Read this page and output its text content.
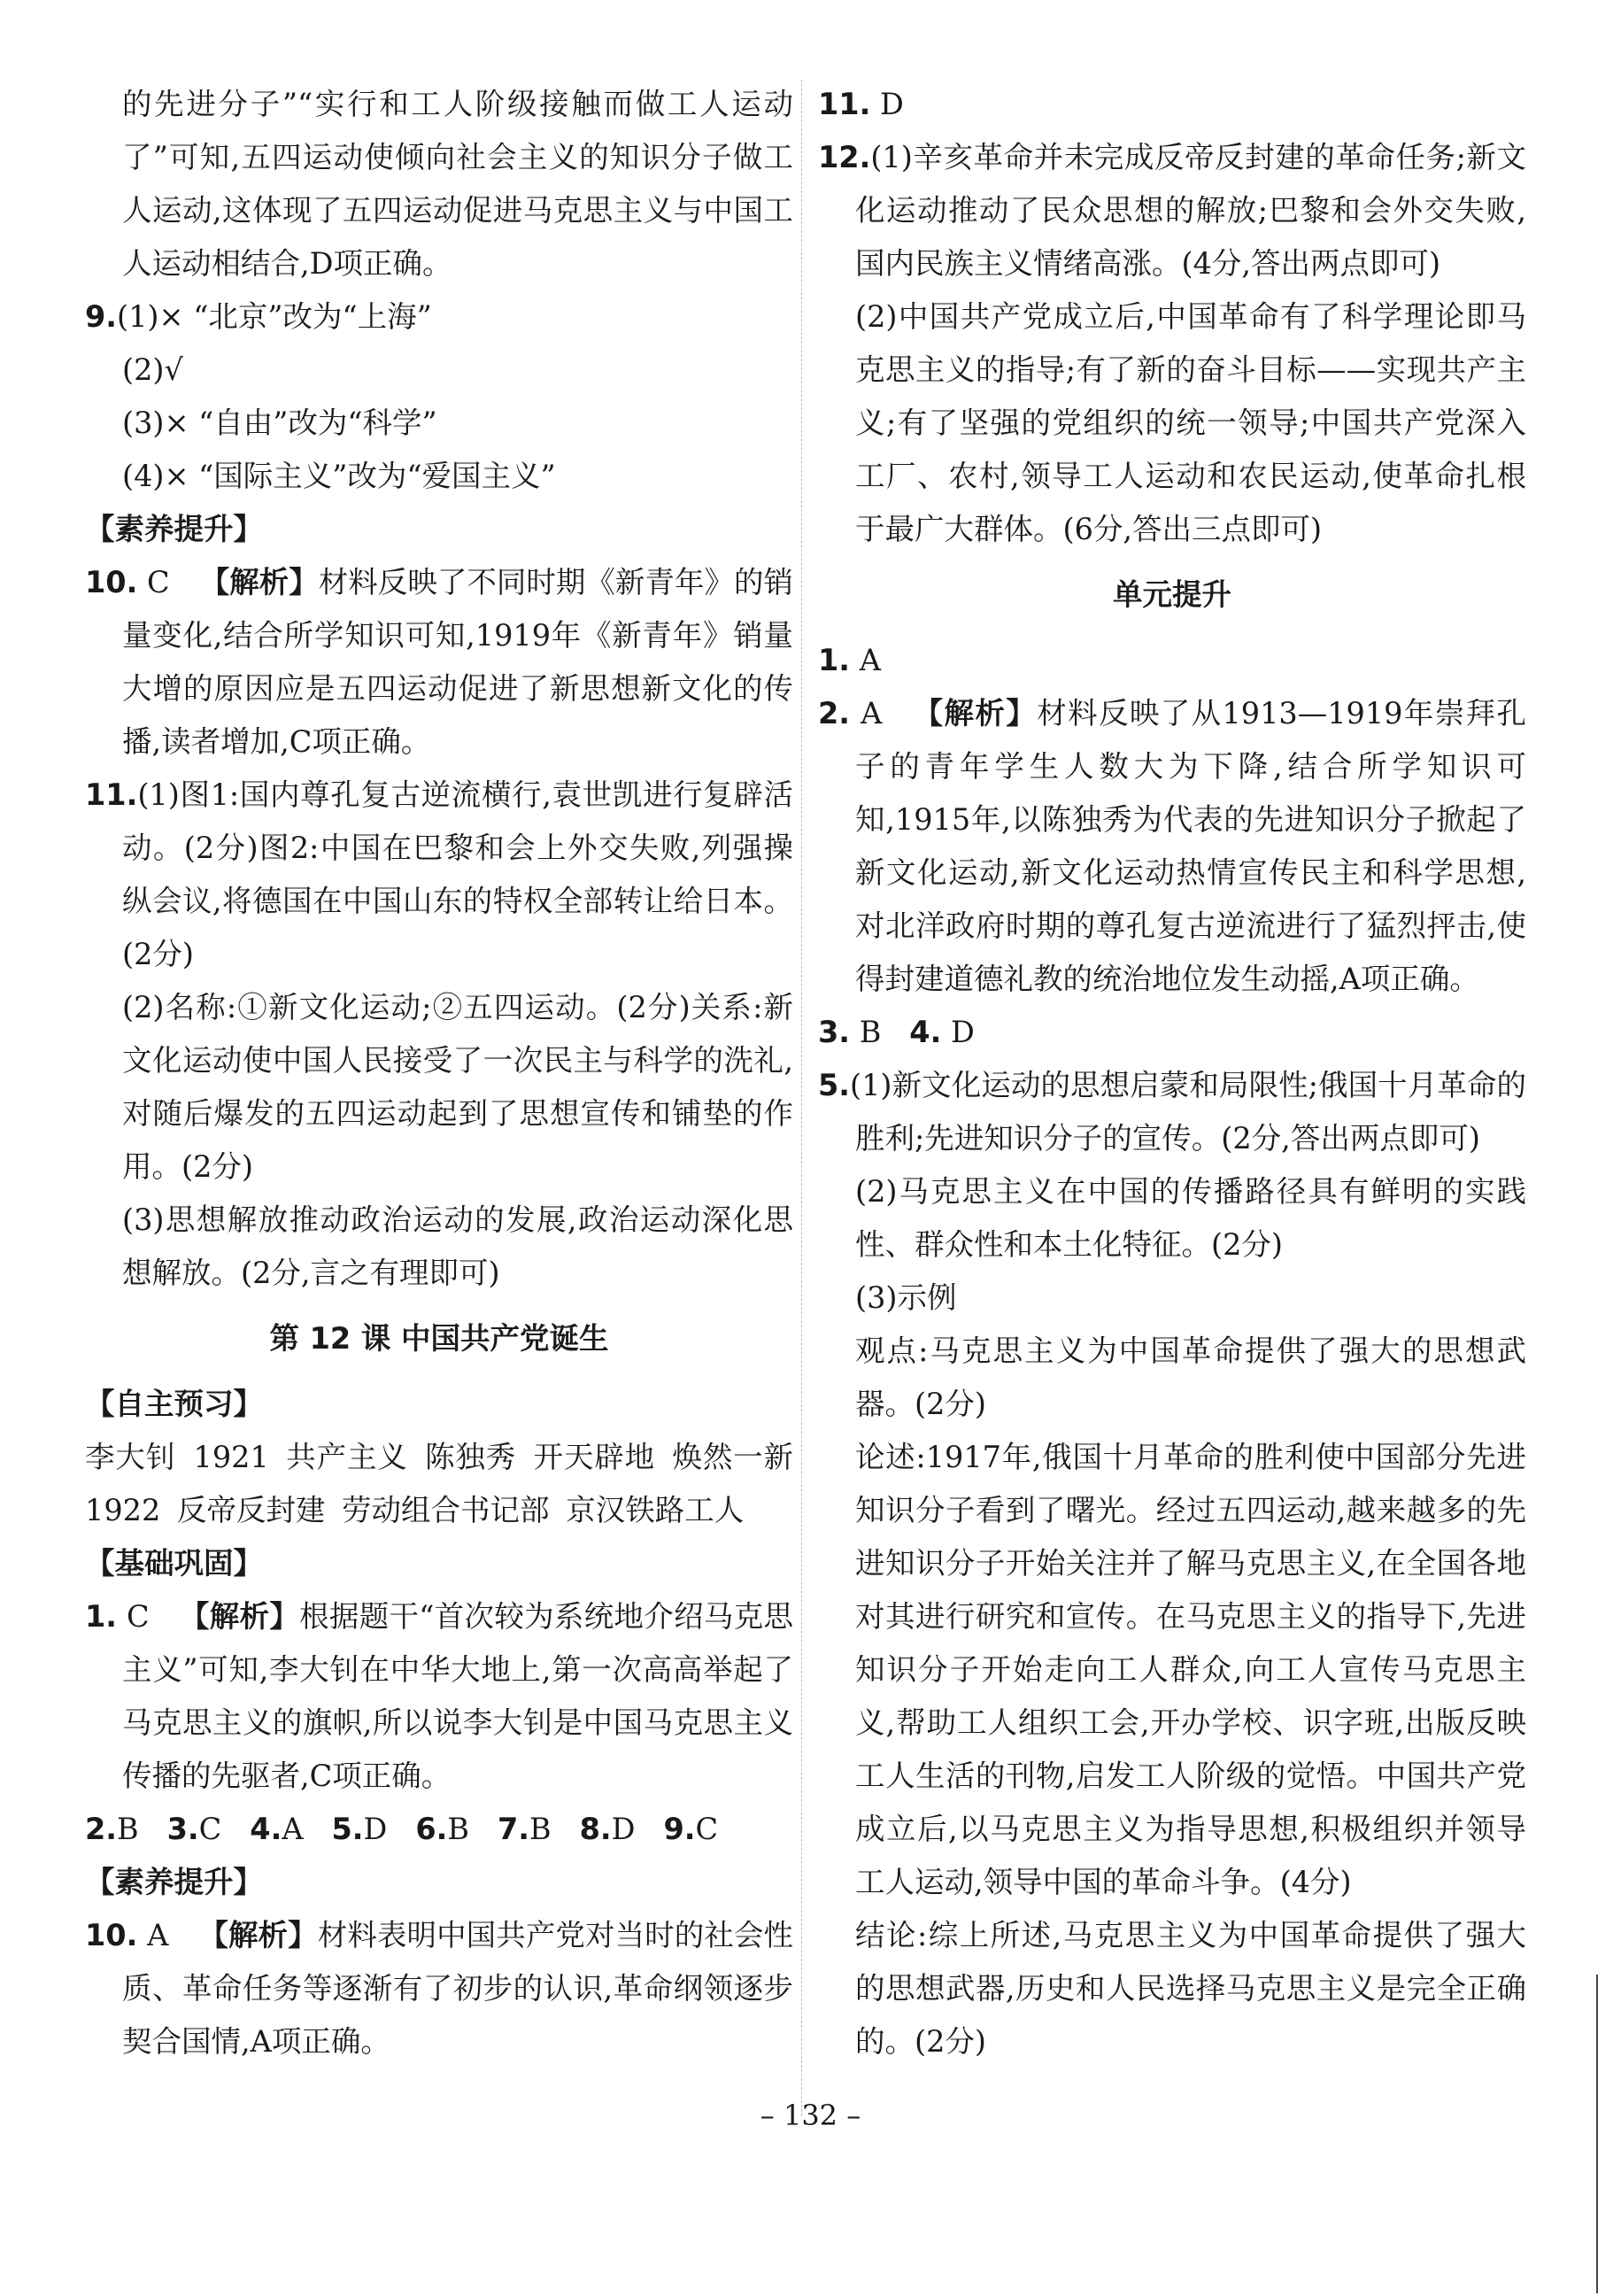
的先进分子”“实行和工人阶级接触而做工人运动了”可知,五四运动使倾向社会主义的知识分子做工人运动,这体现了五四运动促进马克思主义与中国工人运动相结合,D项正确。

9.(1)× “北京”改为“上海”

(2)√

(3)× “自由”改为“科学”

(4)× “国际主义”改为“爱国主义”

【素养提升】

10. C 【解析】材料反映了不同时期《新青年》的销量变化,结合所学知识可知,1919年《新青年》销量大增的原因应是五四运动促进了新思想新文化的传播,读者增加,C项正确。

11.(1)图1:国内尊孔复古逆流横行,袁世凯进行复辟活动。(2分)图2:中国在巴黎和会上外交失败,列强操纵会议,将德国在中国山东的特权全部转让给日本。(2分)

(2)名称:①新文化运动;②五四运动。(2分)关系:新文化运动使中国人民接受了一次民主与科学的洗礼,对随后爆发的五四运动起到了思想宣传和铺垫的作用。(2分)

(3)思想解放推动政治运动的发展,政治运动深化思想解放。(2分,言之有理即可)

第 12 课 中国共产党诞生

【自主预习】

李大钊 1921 共产主义 陈独秀 开天辟地 焕然一新 1922 反帝反封建 劳动组合书记部 京汉铁路工人

【基础巩固】

1. C 【解析】根据题干“首次较为系统地介绍马克思主义”可知,李大钊在中华大地上,第一次高高举起了马克思主义的旗帜,所以说李大钊是中国马克思主义传播的先驱者,C项正确。

2.B 3.C 4.A 5.D 6.B 7.B 8.D 9.C

【素养提升】

10. A 【解析】材料表明中国共产党对当时的社会性质、革命任务等逐渐有了初步的认识,革命纲领逐步契合国情,A项正确。

11. D

12.(1)辛亥革命并未完成反帝反封建的革命任务;新文化运动推动了民众思想的解放;巴黎和会外交失败,国内民族主义情绪高涨。(4分,答出两点即可)

(2)中国共产党成立后,中国革命有了科学理论即马克思主义的指导;有了新的奋斗目标——实现共产主义;有了坚强的党组织的统一领导;中国共产党深入工厂、农村,领导工人运动和农民运动,使革命扎根于最广大群体。(6分,答出三点即可)

单元提升

1. A

2. A 【解析】材料反映了从1913—1919年崇拜孔子的青年学生人数大为下降,结合所学知识可知,1915年,以陈独秀为代表的先进知识分子掀起了新文化运动,新文化运动热情宣传民主和科学思想,对北洋政府时期的尊孔复古逆流进行了猛烈抨击,使得封建道德礼教的统治地位发生动摇,A项正确。

3. B 4. D

5.(1)新文化运动的思想启蒙和局限性;俄国十月革命的胜利;先进知识分子的宣传。(2分,答出两点即可)

(2)马克思主义在中国的传播路径具有鲜明的实践性、群众性和本土化特征。(2分)

(3)示例

观点:马克思主义为中国革命提供了强大的思想武器。(2分)

论述:1917年,俄国十月革命的胜利使中国部分先进知识分子看到了曙光。经过五四运动,越来越多的先进知识分子开始关注并了解马克思主义,在全国各地对其进行研究和宣传。在马克思主义的指导下,先进知识分子开始走向工人群众,向工人宣传马克思主义,帮助工人组织工会,开办学校、识字班,出版反映工人生活的刊物,启发工人阶级的觉悟。中国共产党成立后,以马克思主义为指导思想,积极组织并领导工人运动,领导中国的革命斗争。(4分)

结论:综上所述,马克思主义为中国革命提供了强大的思想武器,历史和人民选择马克思主义是完全正确的。(2分)

– 132 –
